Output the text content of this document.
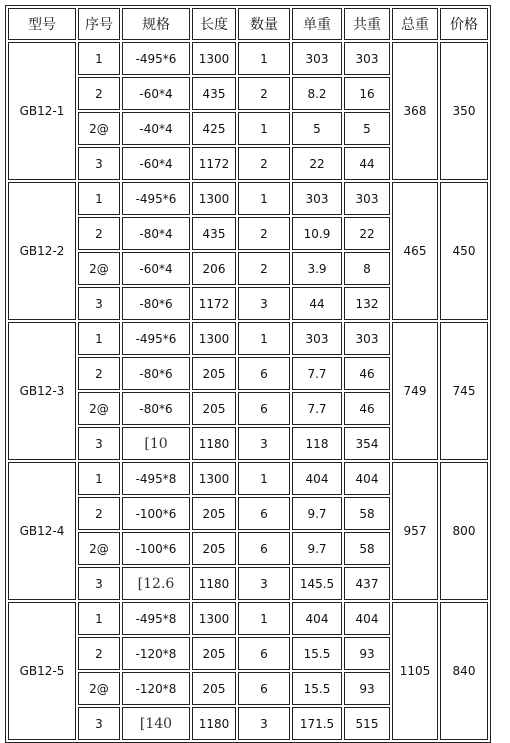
型号	序号	规格	长度	数量	单重	共重	总重	价格
GB12-1	1	-495*6	1300	1	303	303	368	350
	2	-60*4	435	2	8.2	16		
	2@	-40*4	425	1	5	5		
	3	-60*4	1172	2	22	44		
GB12-2	1	-495*6	1300	1	303	303	465	450
	2	-80*4	435	2	10.9	22		
	2@	-60*4	206	2	3.9	8		
	3	-80*6	1172	3	44	132		
GB12-3	1	-495*6	1300	1	303	303	749	745
	2	-80*6	205	6	7.7	46		
	2@	-80*6	205	6	7.7	46		
	3	[10	1180	3	118	354		
GB12-4	1	-495*8	1300	1	404	404	957	800
	2	-100*6	205	6	9.7	58		
	2@	-100*6	205	6	9.7	58		
	3	[12.6	1180	3	145.5	437		
GB12-5	1	-495*8	1300	1	404	404	1105	840
	2	-120*8	205	6	15.5	93		
	2@	-120*8	205	6	15.5	93		
	3	[140	1180	3	171.5	515		
